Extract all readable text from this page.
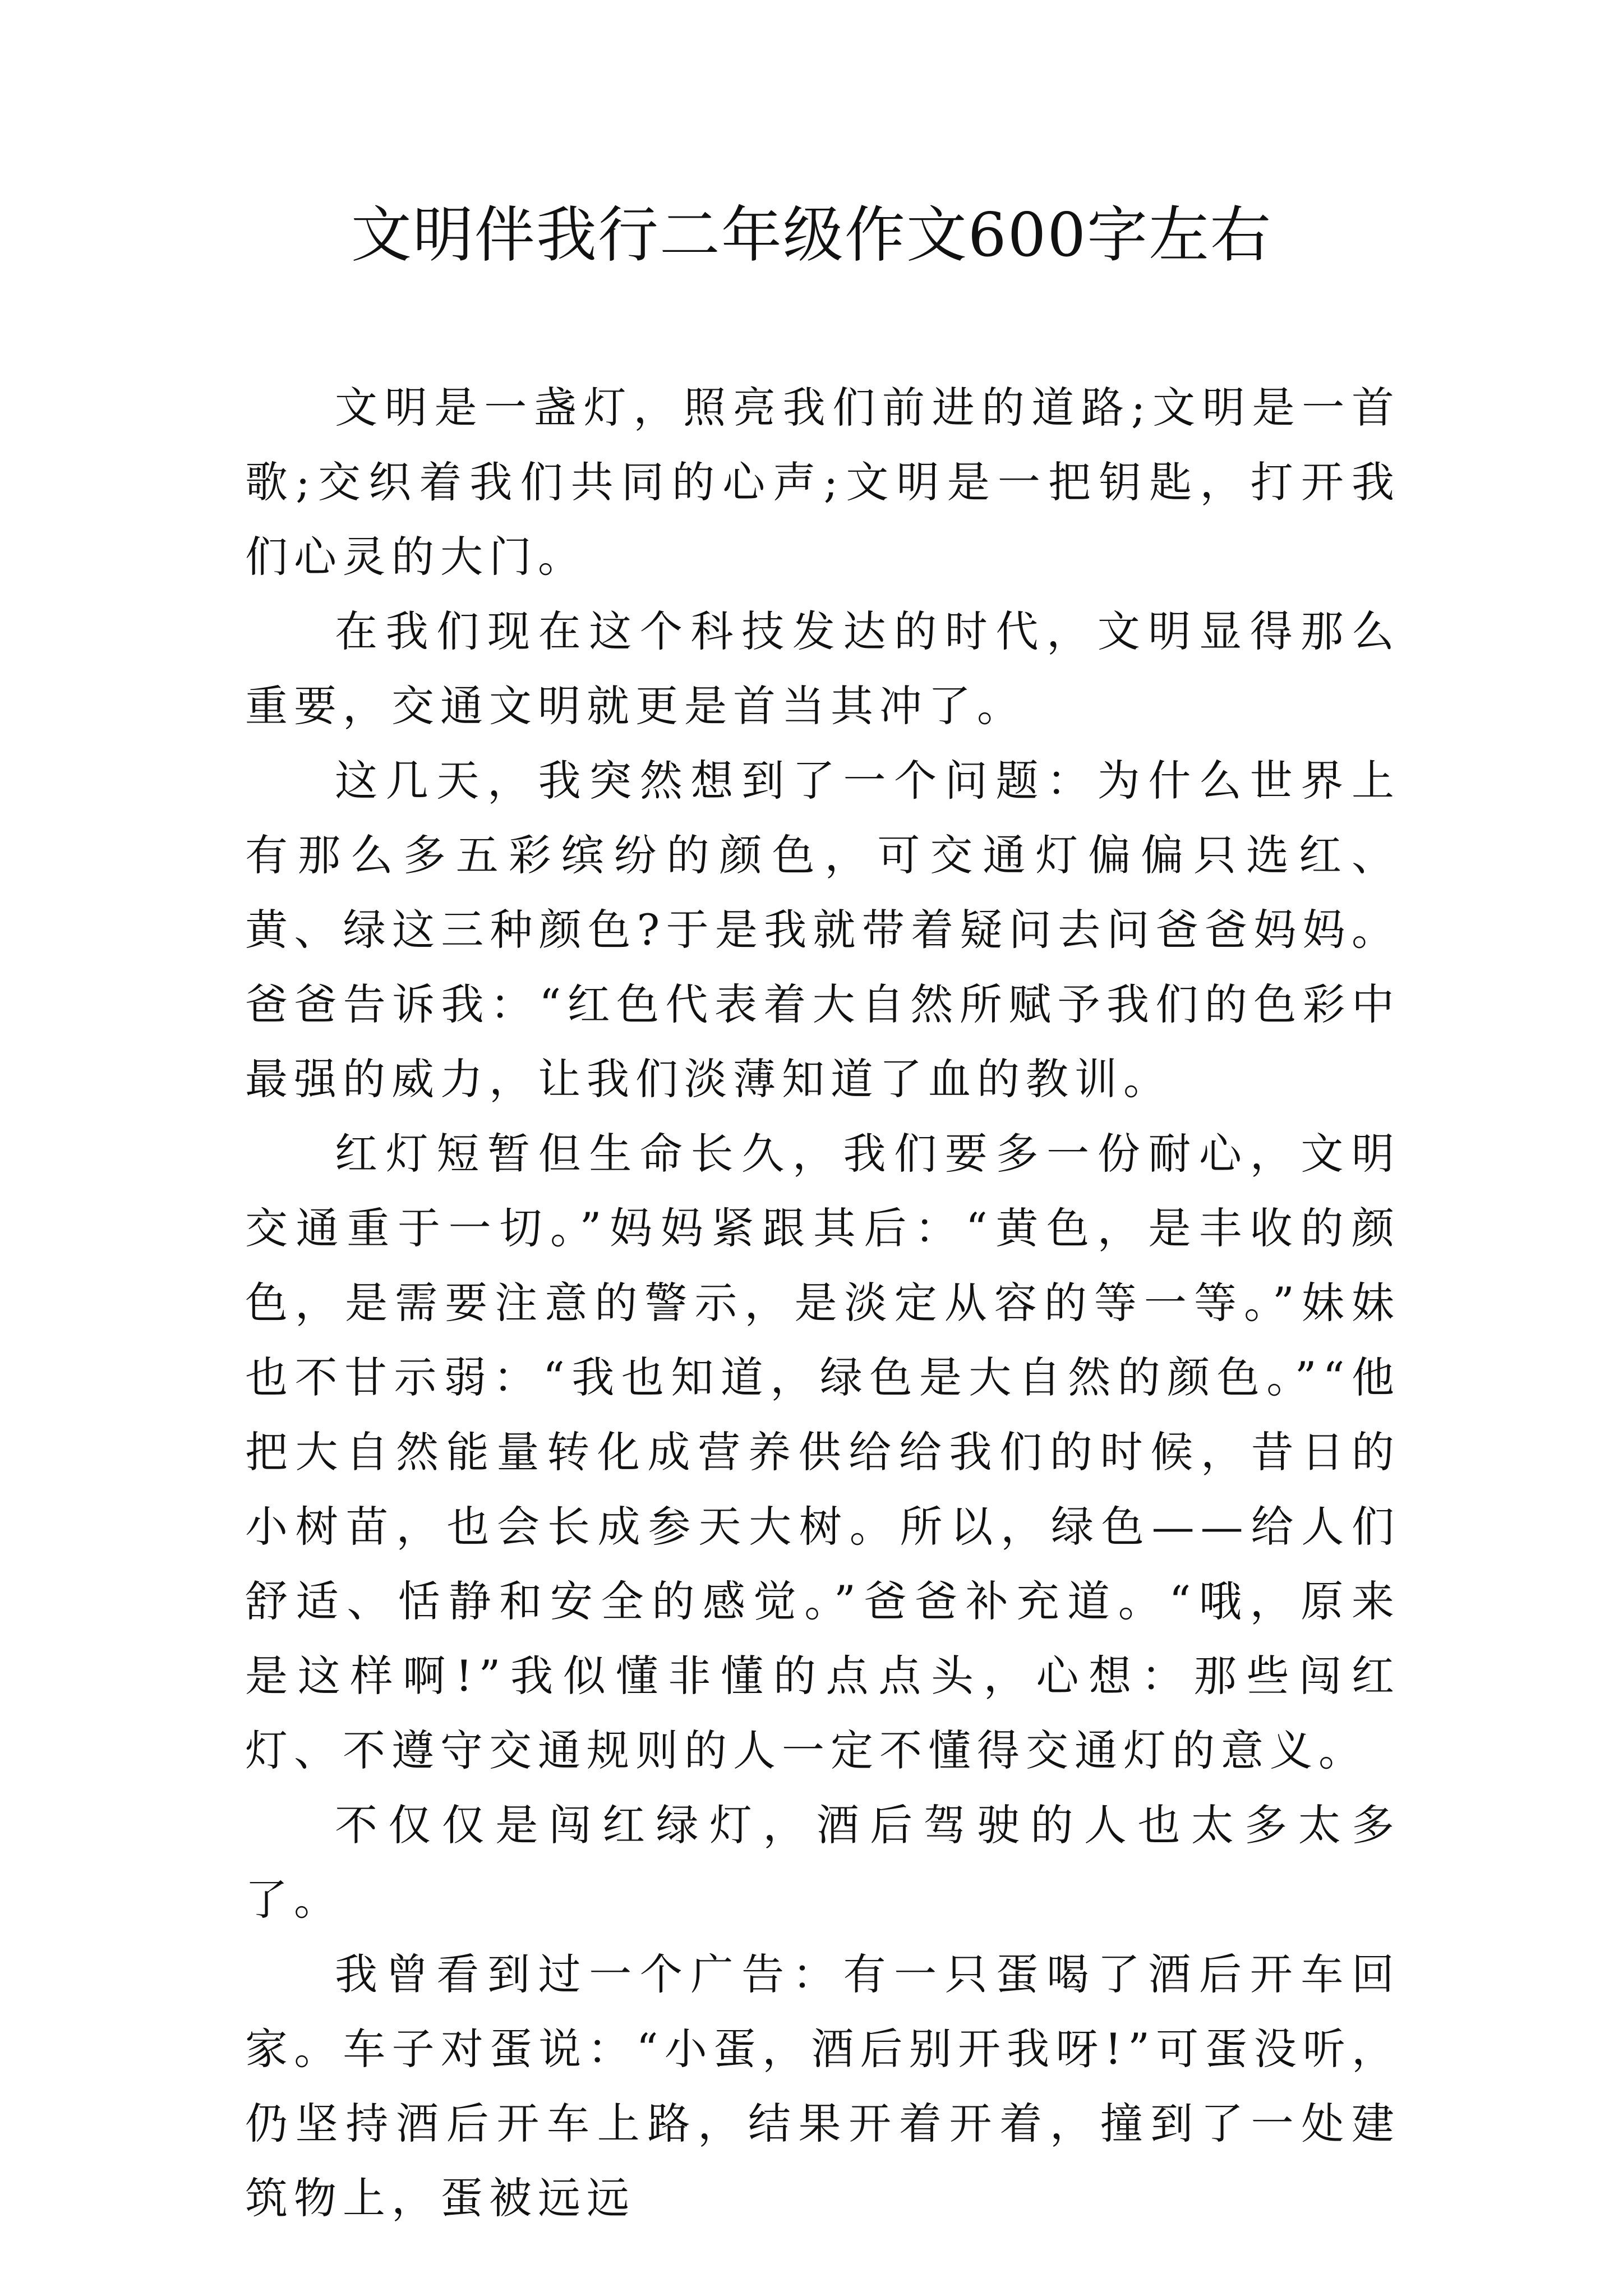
文明伴我行二年级作文600字左右

文明是一盏灯，照亮我们前进的道路;文明是一首歌;交织着我们共同的心声;文明是一把钥匙，打开我们心灵的大门。

在我们现在这个科技发达的时代，文明显得那么重要，交通文明就更是首当其冲了。

这几天，我突然想到了一个问题：为什么世界上有那么多五彩缤纷的颜色，可交通灯偏偏只选红、黄、绿这三种颜色?于是我就带着疑问去问爸爸妈妈。爸爸告诉我：“红色代表着大自然所赋予我们的色彩中最强的威力，让我们淡薄知道了血的教训。

红灯短暂但生命长久，我们要多一份耐心，文明交通重于一切。”妈妈紧跟其后：“黄色，是丰收的颜色，是需要注意的警示，是淡定从容的等一等。”妹妹也不甘示弱：“我也知道，绿色是大自然的颜色。”“他把大自然能量转化成营养供给给我们的时候，昔日的小树苗，也会长成参天大树。所以，绿色——给人们舒适、恬静和安全的感觉。”爸爸补充道。“哦，原来是这样啊!”我似懂非懂的点点头，心想：那些闯红灯、不遵守交通规则的人一定不懂得交通灯的意义。

不仅仅是闯红绿灯，酒后驾驶的人也太多太多了。

我曾看到过一个广告：有一只蛋喝了酒后开车回家。车子对蛋说：“小蛋，酒后别开我呀!”可蛋没听，仍坚持酒后开车上路，结果开着开着，撞到了一处建筑物上，蛋被远远
